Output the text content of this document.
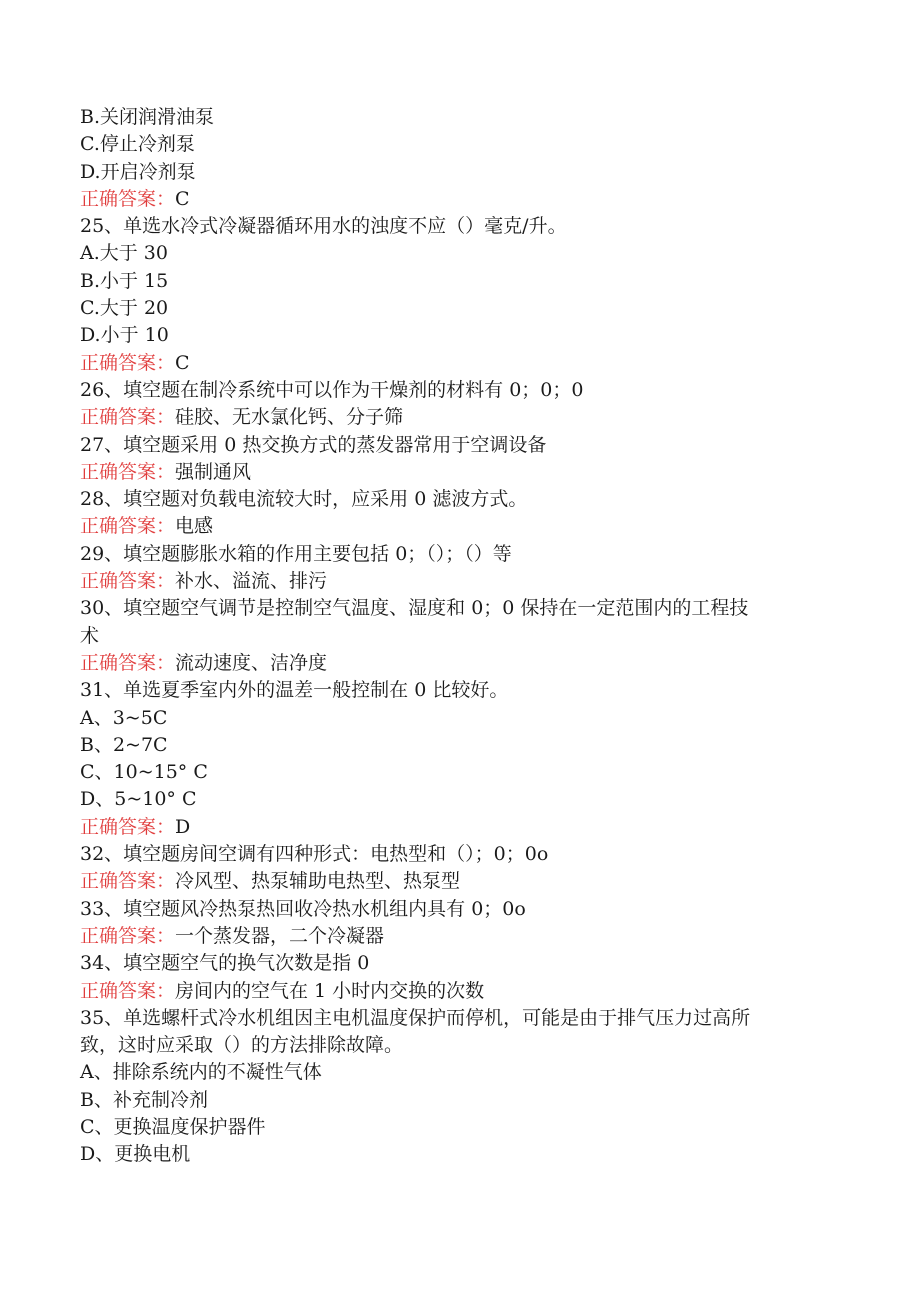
B.关闭润滑油泵

C.停止冷剂泵

D.开启冷剂泵

正确答案：C

25、单选水冷式冷凝器循环用水的浊度不应（）毫克/升。

A.大于 30

B.小于 15

C.大于 20

D.小于 10

正确答案：C

26、填空题在制冷系统中可以作为干燥剂的材料有 0；0；0

正确答案：硅胶、无水氯化钙、分子筛

27、填空题采用 0 热交换方式的蒸发器常用于空调设备

正确答案：强制通风

28、填空题对负载电流较大时，应采用 0 滤波方式。

正确答案：电感

29、填空题膨胀水箱的作用主要包括 0；（）；（）等

正确答案：补水、溢流、排污

30、填空题空气调节是控制空气温度、湿度和 0；0 保持在一定范围内的工程技

术

正确答案：流动速度、洁净度

31、单选夏季室内外的温差一般控制在 0 比较好。

A、3~5C

B、2~7C

C、10~15° C

D、5~10° C

正确答案：D

32、填空题房间空调有四种形式：电热型和（）；0；0o

正确答案：冷风型、热泵辅助电热型、热泵型

33、填空题风冷热泵热回收冷热水机组内具有 0；0o

正确答案：一个蒸发器，二个冷凝器

34、填空题空气的换气次数是指 0

正确答案：房间内的空气在 1 小时内交换的次数

35、单选螺杆式冷水机组因主电机温度保护而停机，可能是由于排气压力过高所

致，这时应采取（）的方法排除故障。

A、排除系统内的不凝性气体

B、补充制冷剂

C、更换温度保护器件

D、更换电机
